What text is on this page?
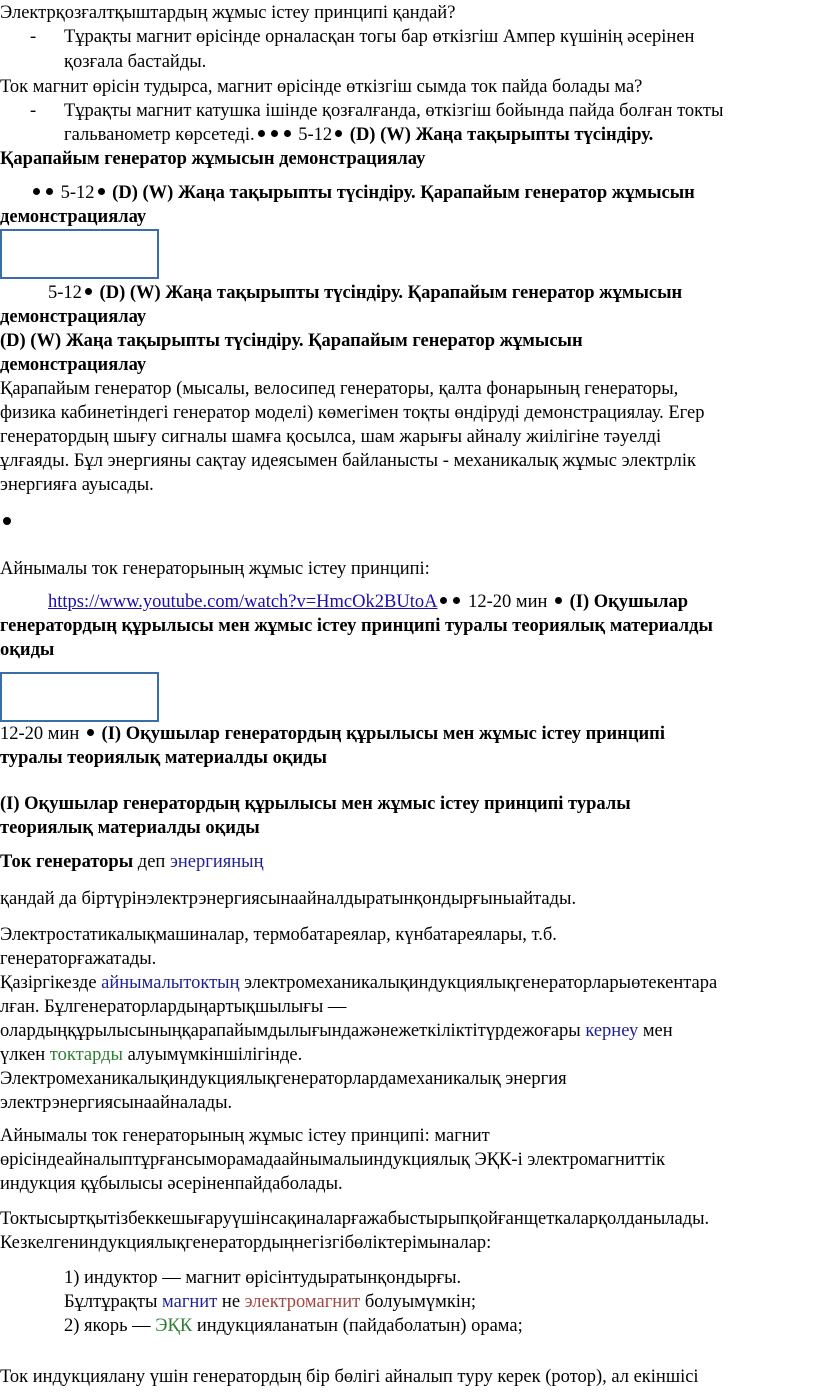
Электрқозғалтқыштардың жұмыс істеу принципі қандай?
- Тұрақты магнит өрісінде орналасқан тогы бар өткізгіш Ампер күшінің әсерінен
қозғала бастайды.
Ток магнит өрісін тудырса, магнит өрісінде өткізгіш сымда ток пайда болады ма?
- Тұрақты магнит катушка ішінде қозғалғанда, өткізгіш бойында пайда болған токты
гальванометр көрсетеді. 5-12 (D) (W) Жаңа тақырыпты түсіндіру.
Қарапайым генератор жұмысын демонстрациялау
5-12 (D) (W) Жаңа тақырыпты түсіндіру. Қарапайым генератор жұмысын
демонстрациялау
5-12 (D) (W) Жаңа тақырыпты түсіндіру. Қарапайым генератор жұмысын
демонстрациялау
(D) (W) Жаңа тақырыпты түсіндіру. Қарапайым генератор жұмысын
демонстрациялау
Қарапайым генератор (мысалы, велосипед генераторы, қалта фонарының генераторы,
физика кабинетіндегі генератор моделі) көмегімен тоқты өндіруді демонстрациялау. Егер
генератордың шығу сигналы шамға қосылса, шам жарығы айналу жиілігіне тәуелді
ұлғаяды. Бұл энергияны сақтау идеясымен байланысты - механикалық жұмыс электрлік
энергияға ауысады.
Айнымалы ток генераторының жұмыс істеу принципі:
https://www.youtube.com/watch?v=HmcOk2BUtoA 12-20 мин (I) Оқушылар
генератордың құрылысы мен жұмыс істеу принципі туралы теориялық материалды
оқиды
12-20 мин (I) Оқушылар генератордың құрылысы мен жұмыс істеу принципі
туралы теориялық материалды оқиды
(I) Оқушылар генератордың құрылысы мен жұмыс істеу принципі туралы
теориялық материалды оқиды
Ток генераторы деп энергияның
қандай да біртүрінэлектрэнергиясынаайналдыратынқондырғыныайтады.
Электростатикалықмашиналар, термобатареялар, күнбатареялары, т.б.
генераторғажатады.
Қазіргікезде айнымалытоктың электромеханикалықиндукциялықгенераторларыөтекентара
лған. Бұлгенераторлардыңартықшылығы —
олардыңқұрылысыныңқарапайымдылығындажәнежеткіліктітүрдежоғары кернеу мен
үлкен токтарды алуымүмкіншілігінде.
Электромеханикалықиндукциялықгенераторлардамеханикалық энергия
электрэнергиясынаайналады.
Айнымалы ток генераторының жұмыс істеу принципі: магнит
өрісіндеайналыптұрғансыморамадаайнымалыиндукциялық ЭҚК-і электромагниттік
индукция құбылысы әсеріненпайдаболады.
Токтысыртқытізбеккешығаруүшінсақиналарғажабыстырыпқойғанщеткаларқолданылады.
Кезкелгениндукциялықгенератордыңнегізгібөліктерімыналар:
1) индуктор — магнит өрісінтудыратынқондырғы.
Бұлтұрақты магнит не электромагнит болуымүмкін;
2) якорь — ЭҚК индукцияланатын (пайдаболатын) орама;
Ток индукциялану үшін генератордың бір бөлігі айналып туру керек (ротор), ал екіншісі
